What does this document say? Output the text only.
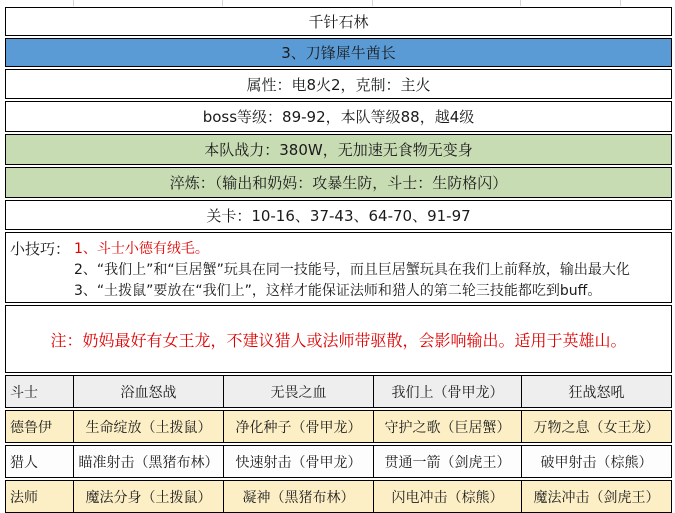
千针石林
3、刀锋犀牛酋长
属性：电8火2，克制：主火
boss等级：89-92，本队等级88，越4级
本队战力：380W，无加速无食物无变身
淬炼：（输出和奶妈：攻暴生防，斗士：生防格闪）
关卡：10-16、37-43、64-70、91-97
小技巧： 1、斗士小德有绒毛。
2、“我们上”和“巨居蟹”玩具在同一技能号，而且巨居蟹玩具在我们上前释放，输出最大化
3、“土拨鼠”要放在“我们上”，这样才能保证法师和猎人的第二轮三技能都吃到buff。
注：奶妈最好有女王龙，不建议猎人或法师带驱散，会影响输出。适用于英雄山。
斗士	浴血怒战	无畏之血	我们上（骨甲龙）	狂战怒吼
德鲁伊	生命绽放（土拨鼠）	净化种子（骨甲龙）	守护之歌（巨居蟹）	万物之息（女王龙）
猎人	瞄准射击（黑猪布林）	快速射击（骨甲龙）	贯通一箭（剑虎王）	破甲射击（棕熊）
法师	魔法分身（土拨鼠）	凝神（黑猪布林）	闪电冲击（棕熊）	魔法冲击（剑虎王）
